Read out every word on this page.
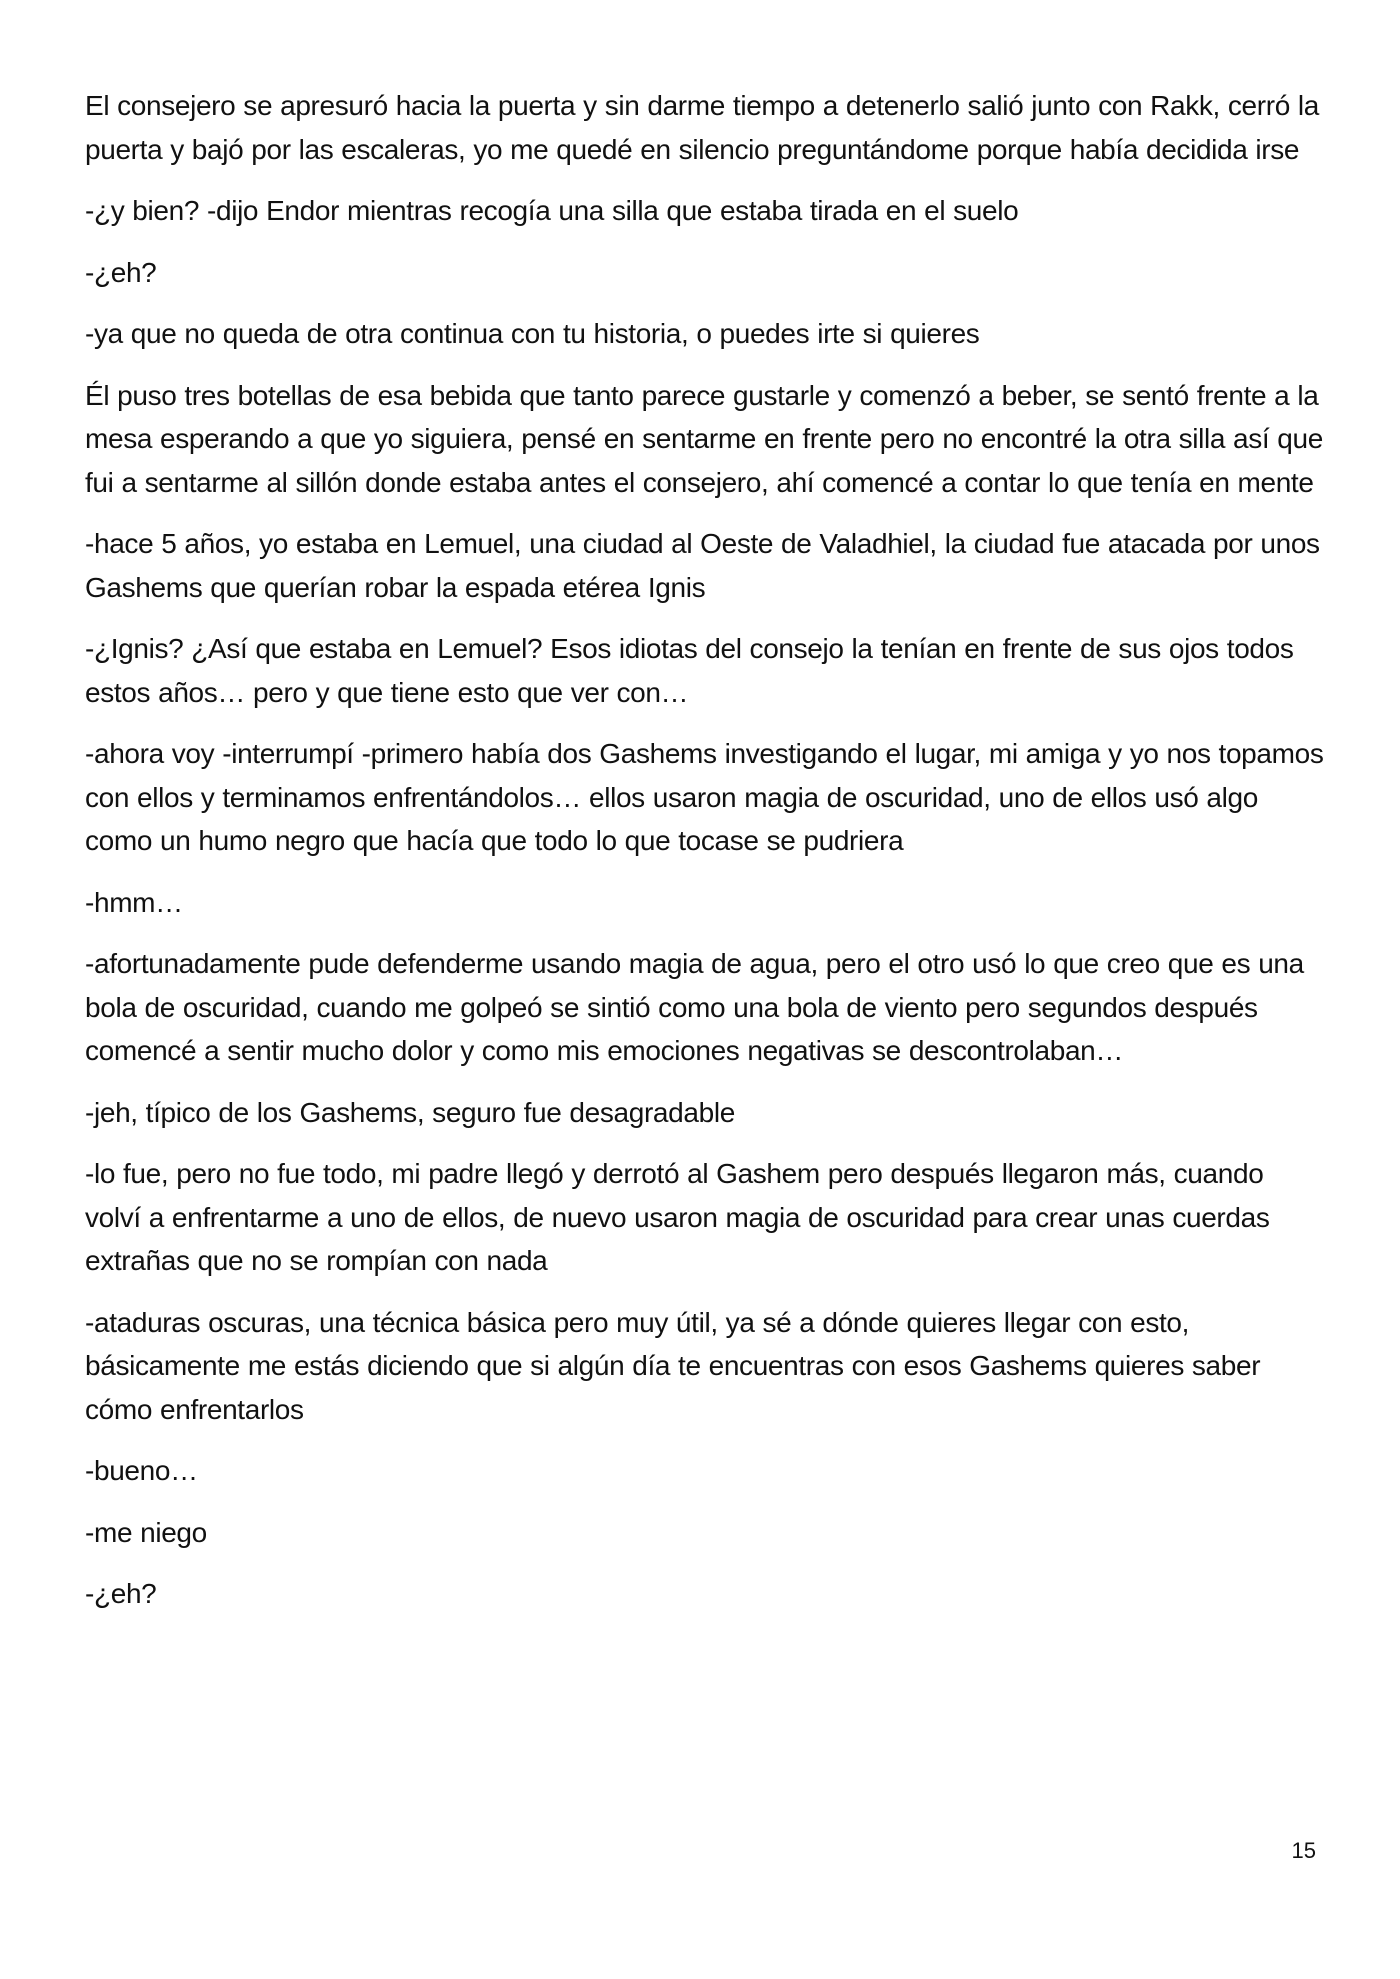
El consejero se apresuró hacia la puerta y sin darme tiempo a detenerlo salió junto con Rakk, cerró la puerta y bajó por las escaleras, yo me quedé en silencio preguntándome porque había decidida irse

-¿y bien? -dijo Endor mientras recogía una silla que estaba tirada en el suelo

-¿eh?

-ya que no queda de otra continua con tu historia, o puedes irte si quieres

Él puso tres botellas de esa bebida que tanto parece gustarle y comenzó a beber, se sentó frente a la mesa esperando a que yo siguiera, pensé en sentarme en frente pero no encontré la otra silla así que fui a sentarme al sillón donde estaba antes el consejero, ahí comencé a contar lo que tenía en mente

-hace 5 años, yo estaba en Lemuel, una ciudad al Oeste de Valadhiel, la ciudad fue atacada por unos Gashems que querían robar la espada etérea Ignis

-¿Ignis? ¿Así que estaba en Lemuel? Esos idiotas del consejo la tenían en frente de sus ojos todos estos años… pero y que tiene esto que ver con…

-ahora voy -interrumpí -primero había dos Gashems investigando el lugar, mi amiga y yo nos topamos con ellos y terminamos enfrentándolos… ellos usaron magia de oscuridad, uno de ellos usó algo como un humo negro que hacía que todo lo que tocase se pudriera

-hmm…

-afortunadamente pude defenderme usando magia de agua, pero el otro usó lo que creo que es una bola de oscuridad, cuando me golpeó se sintió como una bola de viento pero segundos después comencé a sentir mucho dolor y como mis emociones negativas se descontrolaban…

-jeh, típico de los Gashems, seguro fue desagradable

-lo fue, pero no fue todo, mi padre llegó y derrotó al Gashem pero después llegaron más, cuando volví a enfrentarme a uno de ellos, de nuevo usaron magia de oscuridad para crear unas cuerdas extrañas que no se rompían con nada

-ataduras oscuras, una técnica básica pero muy útil, ya sé a dónde quieres llegar con esto, básicamente me estás diciendo que si algún día te encuentras con esos Gashems quieres saber cómo enfrentarlos

-bueno…

-me niego

-¿eh?

15
